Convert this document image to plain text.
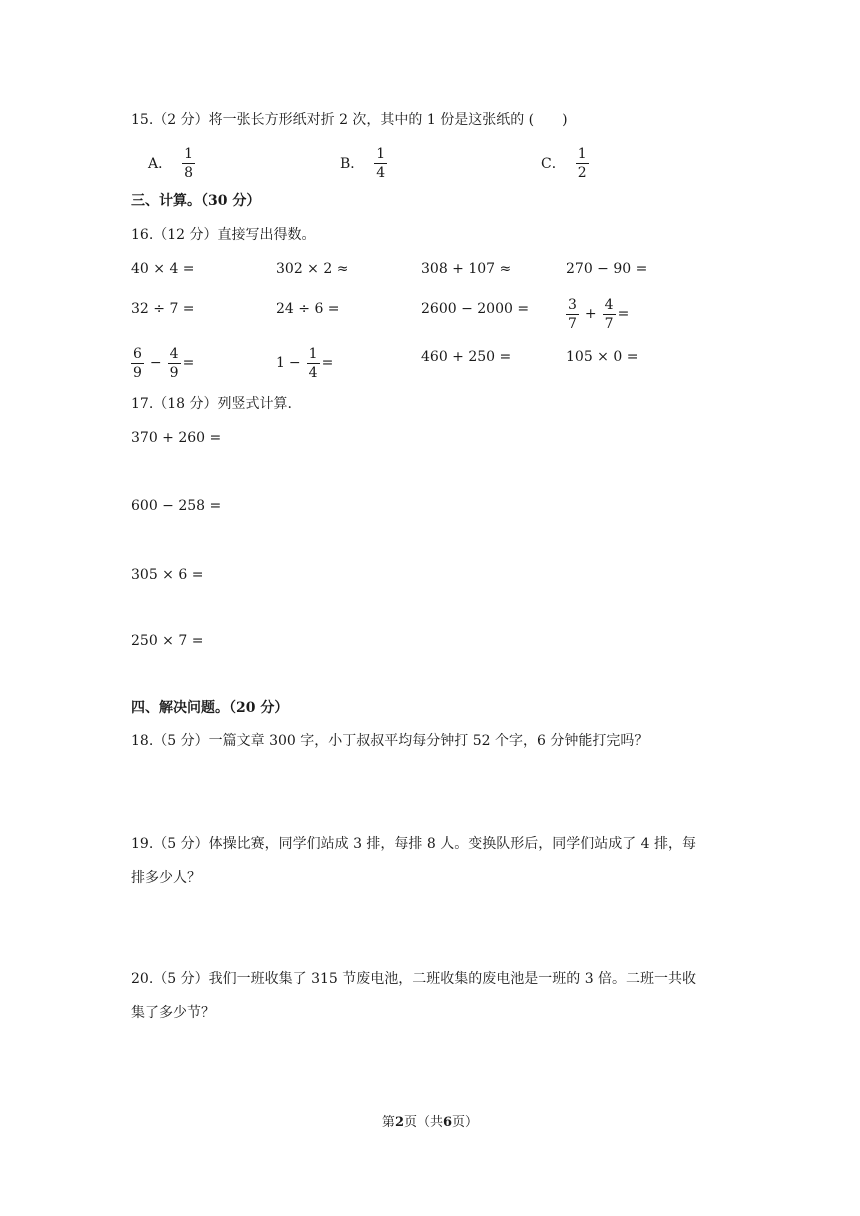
15.（2 分）将一张长方形纸对折 2 次，其中的 1 份是这张纸的 (　　)
A． $\frac{1}{8}$	B． $\frac{1}{4}$	C． $\frac{1}{2}$
三、计算。（30 分）
16.（12 分）直接写出得数。
40 × 4 =	302 × 2 ≈	308 + 107 ≈	270 − 90 =
32 ÷ 7 =	24 ÷ 6 =	2600 − 2000 =	$\frac{3}{7} + \frac{4}{7}$ =
$\frac{6}{9} - \frac{4}{9}$ =	$1 - \frac{1}{4}$ =	460 + 250 =	105 × 0 =
17.（18 分）列竖式计算.
370 + 260 =
600 − 258 =
305 × 6 =
250 × 7 =
四、解决问题。（20 分）
18.（5 分）一篇文章 300 字，小丁叔叔平均每分钟打 52 个字，6 分钟能打完吗？
19.（5 分）体操比赛，同学们站成 3 排，每排 8 人。变换队形后，同学们站成了 4 排，每
排多少人？
20.（5 分）我们一班收集了 315 节废电池，二班收集的废电池是一班的 3 倍。二班一共收
集了多少节？
第2页（共6页）
